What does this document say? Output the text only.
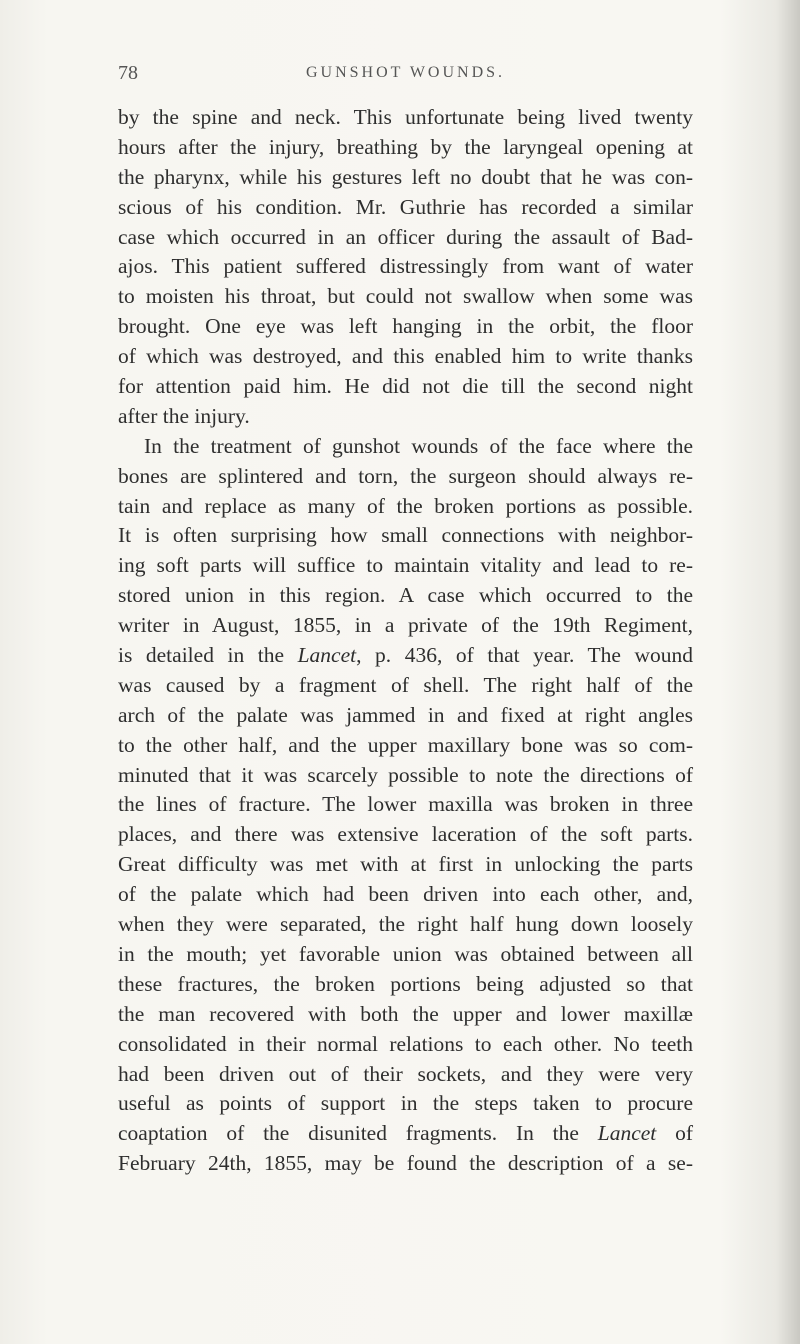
78	GUNSHOT WOUNDS.
by the spine and neck. This unfortunate being lived twenty
hours after the injury, breathing by the laryngeal opening at
the pharynx, while his gestures left no doubt that he was con-
scious of his condition. Mr. Guthrie has recorded a similar
case which occurred in an officer during the assault of Bad-
ajos. This patient suffered distressingly from want of water
to moisten his throat, but could not swallow when some was
brought. One eye was left hanging in the orbit, the floor
of which was destroyed, and this enabled him to write thanks
for attention paid him. He did not die till the second night
after the injury.
In the treatment of gunshot wounds of the face where the
bones are splintered and torn, the surgeon should always re-
tain and replace as many of the broken portions as possible.
It is often surprising how small connections with neighbor-
ing soft parts will suffice to maintain vitality and lead to re-
stored union in this region. A case which occurred to the
writer in August, 1855, in a private of the 19th Regiment,
is detailed in the Lancet, p. 436, of that year. The wound
was caused by a fragment of shell. The right half of the
arch of the palate was jammed in and fixed at right angles
to the other half, and the upper maxillary bone was so com-
minuted that it was scarcely possible to note the directions of
the lines of fracture. The lower maxilla was broken in three
places, and there was extensive laceration of the soft parts.
Great difficulty was met with at first in unlocking the parts
of the palate which had been driven into each other, and,
when they were separated, the right half hung down loosely
in the mouth; yet favorable union was obtained between all
these fractures, the broken portions being adjusted so that
the man recovered with both the upper and lower maxillæ
consolidated in their normal relations to each other. No teeth
had been driven out of their sockets, and they were very
useful as points of support in the steps taken to procure
coaptation of the disunited fragments. In the Lancet of
February 24th, 1855, may be found the description of a se-
